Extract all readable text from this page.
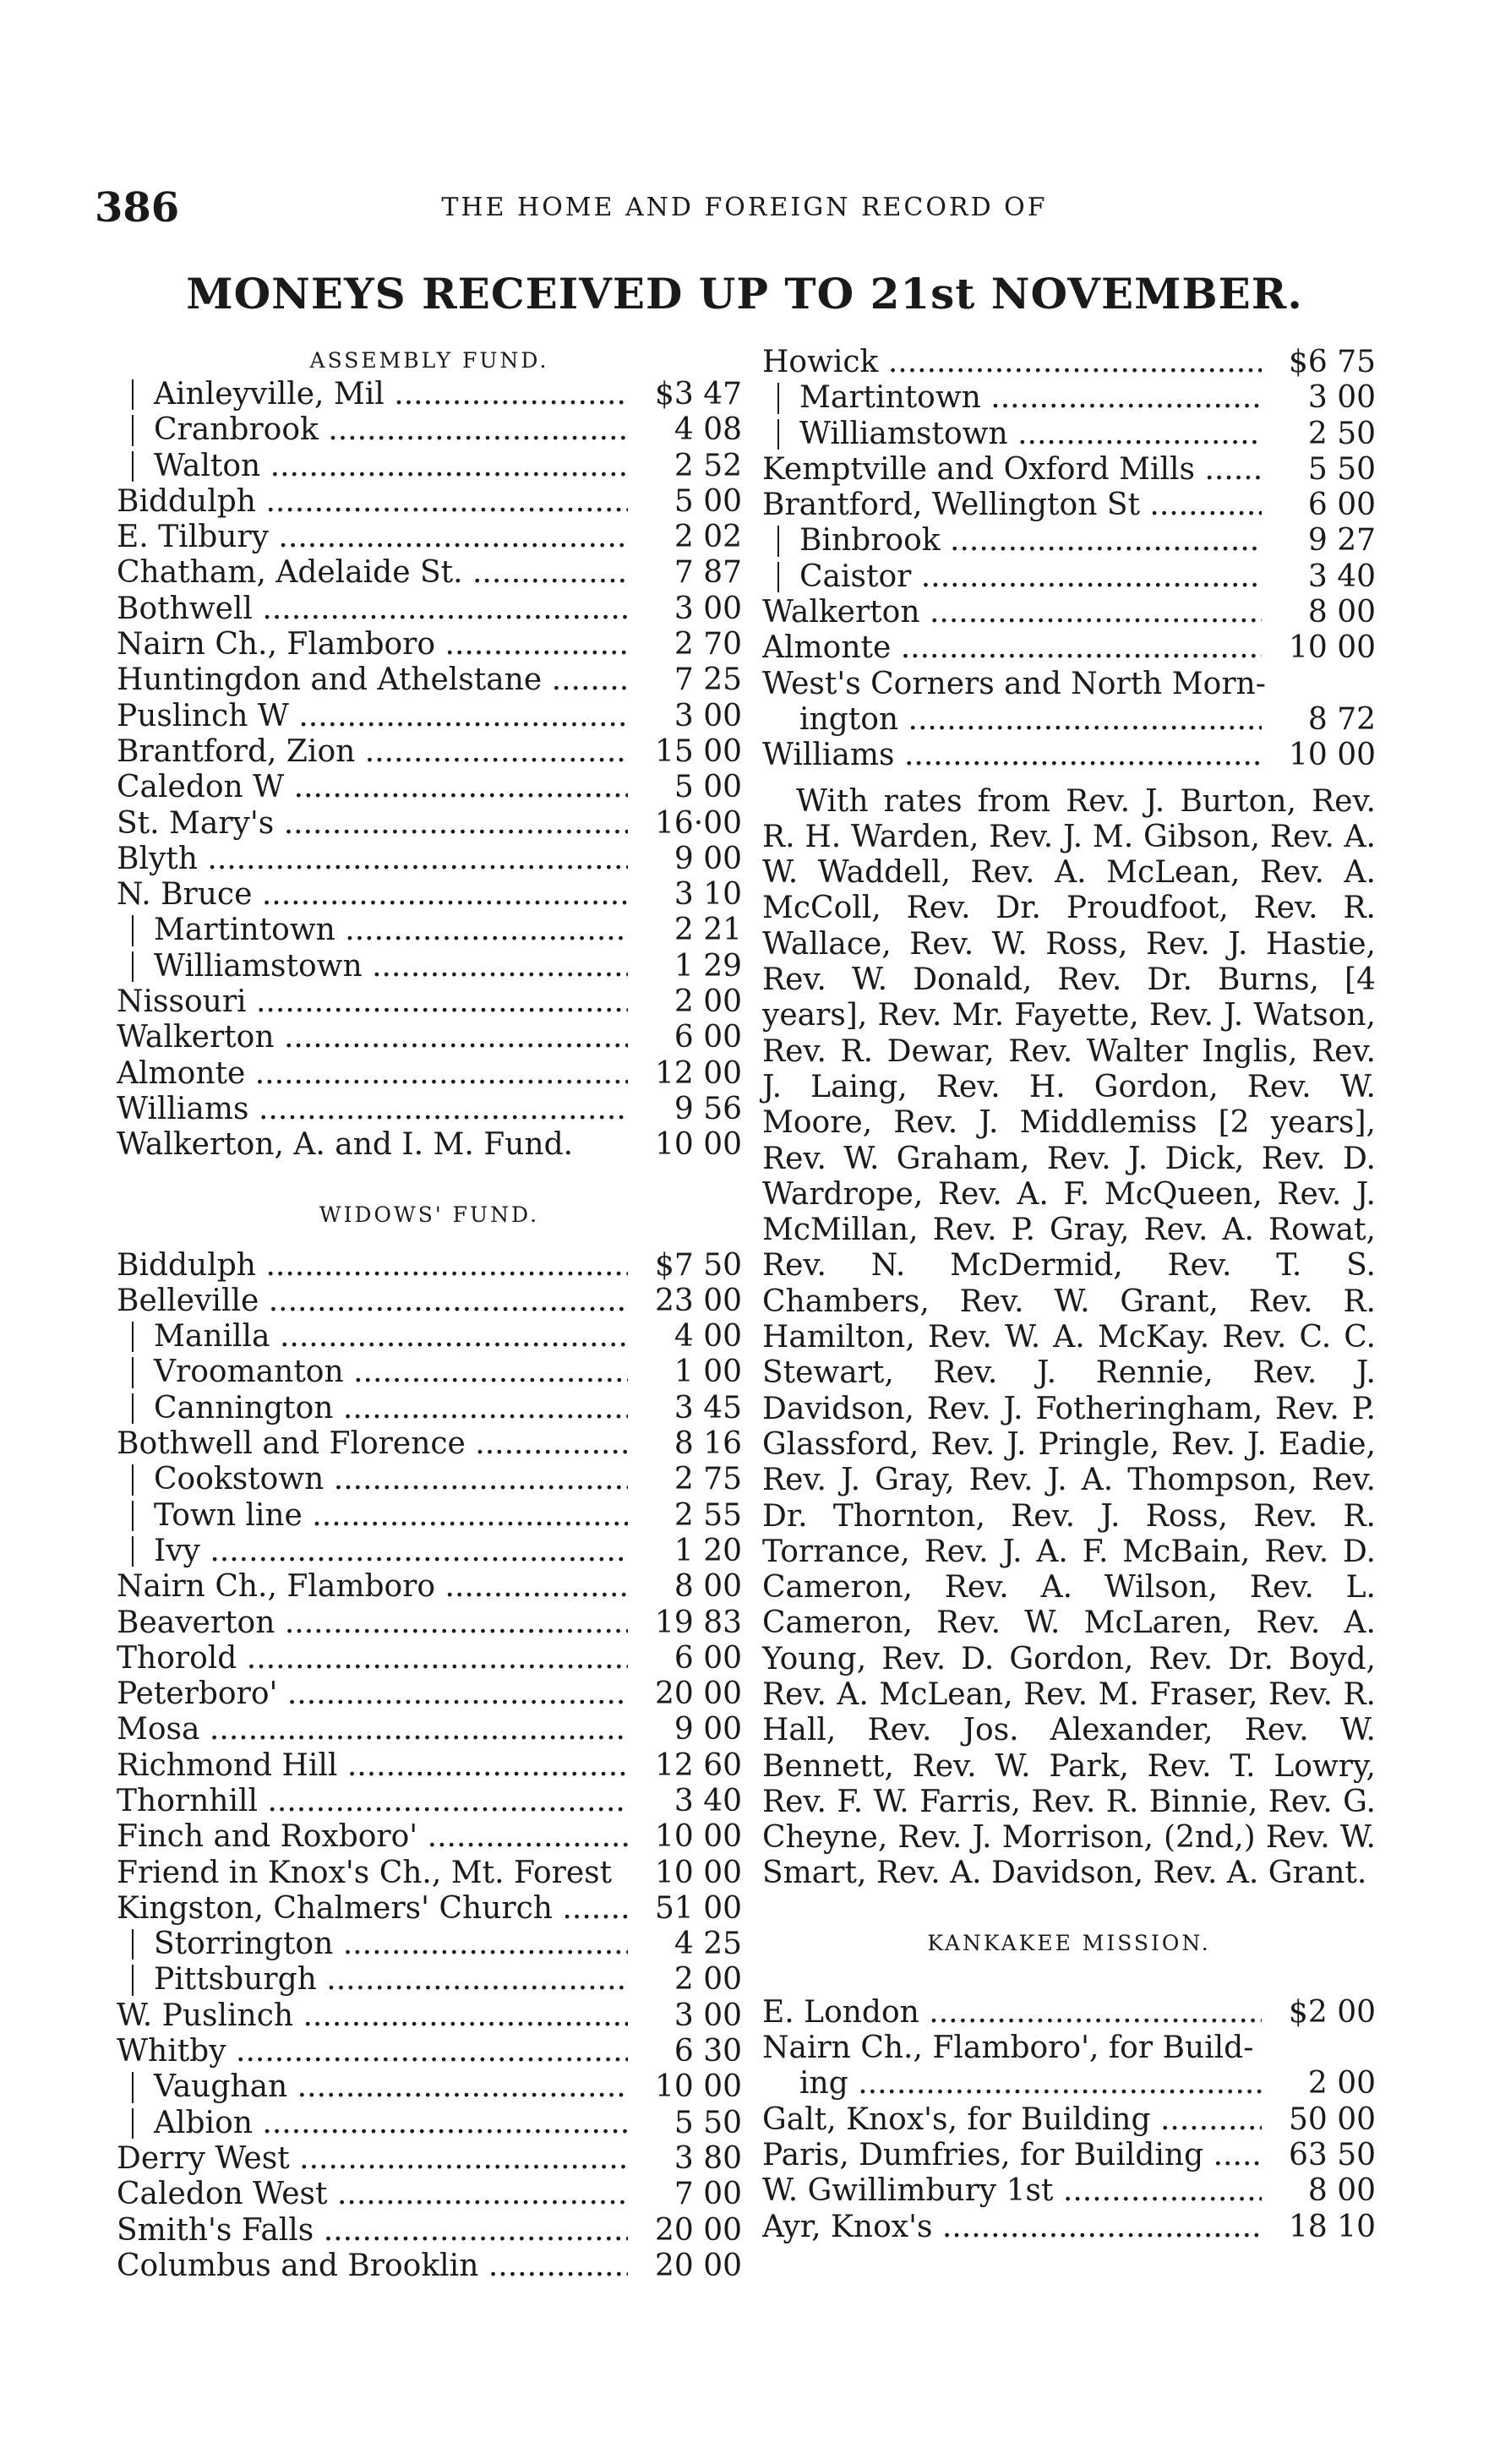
386	THE HOME AND FOREIGN RECORD OF
MONEYS RECEIVED UP TO 21st NOVEMBER.
ASSEMBLY FUND.
Ainleyville, Mil .....	$3 47
Cranbrook .....	4 08
Walton .....	2 52
Biddulph .....	5 00
E. Tilbury .....	2 02
Chatham, Adelaide St. .....	7 87
Bothwell .....	3 00
Nairn Ch., Flamboro .....	2 70
Huntingdon and Athelstane .....	7 25
Puslinch W .....	3 00
Brantford, Zion .....	15 00
Caledon W .....	5 00
St. Mary's .....	16·00
Blyth .....	9 00
N. Bruce .....	3 10
Martintown .....	2 21
Williamstown .....	1 29
Nissouri .....	2 00
Walkerton .....	6 00
Almonte .....	12 00
Williams .....	9 56
Walkerton, A. and I. M. Fund.	10 00
WIDOWS' FUND.
Biddulph .....	$7 50
Belleville .....	23 00
Manilla .....	4 00
Vroomanton .....	1 00
Cannington .....	3 45
Bothwell and Florence .....	8 16
Cookstown .....	2 75
Town line .....	2 55
Ivy .....	1 20
Nairn Ch., Flamboro .....	8 00
Beaverton .....	19 83
Thorold .....	6 00
Peterboro' .....	20 00
Mosa .....	9 00
Richmond Hill .....	12 60
Thornhill .....	3 40
Finch and Roxboro' .....	10 00
Friend in Knox's Ch., Mt. Forest	10 00
Kingston, Chalmers' Church .....	51 00
Storrington .....	4 25
Pittsburgh .....	2 00
W. Puslinch .....	3 00
Whitby .....	6 30
Vaughan .....	10 00
Albion .....	5 50
Derry West .....	3 80
Caledon West .....	7 00
Smith's Falls .....	20 00
Columbus and Brooklin .....	20 00
Howick .....	$6 75
Martintown .....	3 00
Williamstown .....	2 50
Kemptville and Oxford Mills .....	5 50
Brantford, Wellington St .....	6 00
Binbrook .....	9 27
Caistor .....	3 40
Walkerton .....	8 00
Almonte .....	10 00
West's Corners and North Morn-
ington .....	8 72
Williams .....	10 00

With rates from Rev. J. Burton, Rev. R. H. Warden, Rev. J. M. Gibson, Rev. A. W. Waddell, Rev. A. McLean, Rev. A. McColl, Rev. Dr. Proudfoot, Rev. R. Wallace, Rev. W. Ross, Rev. J. Hastie, Rev. W. Donald, Rev. Dr. Burns, [4 years], Rev. Mr. Fayette, Rev. J. Watson, Rev. R. Dewar, Rev. Walter Inglis, Rev. J. Laing, Rev. H. Gordon, Rev. W. Moore, Rev. J. Middlemiss [2 years], Rev. W. Graham, Rev. J. Dick, Rev. D. Wardrope, Rev. A. F. McQueen, Rev. J. McMillan, Rev. P. Gray, Rev. A. Rowat, Rev. N. McDermid, Rev. T. S. Chambers, Rev. W. Grant, Rev. R. Hamilton, Rev. W. A. McKay. Rev. C. C. Stewart, Rev. J. Rennie, Rev. J. Davidson, Rev. J. Fotheringham, Rev. P. Glassford, Rev. J. Pringle, Rev. J. Eadie, Rev. J. Gray, Rev. J. A. Thompson, Rev. Dr. Thornton, Rev. J. Ross, Rev. R. Torrance, Rev. J. A. F. McBain, Rev. D. Cameron, Rev. A. Wilson, Rev. L. Cameron, Rev. W. McLaren, Rev. A. Young, Rev. D. Gordon, Rev. Dr. Boyd, Rev. A. McLean, Rev. M. Fraser, Rev. R. Hall, Rev. Jos. Alexander, Rev. W. Bennett, Rev. W. Park, Rev. T. Lowry, Rev. F. W. Farris, Rev. R. Binnie, Rev. G. Cheyne, Rev. J. Morrison, (2nd,) Rev. W. Smart, Rev. A. Davidson, Rev. A. Grant.

KANKAKEE MISSION.
E. London .....	$2 00
Nairn Ch., Flamboro', for Build-
ing .....	2 00
Galt, Knox's, for Building .....	50 00
Paris, Dumfries, for Building .....	63 50
W. Gwillimbury 1st .....	8 00
Ayr, Knox's .....	18 10
